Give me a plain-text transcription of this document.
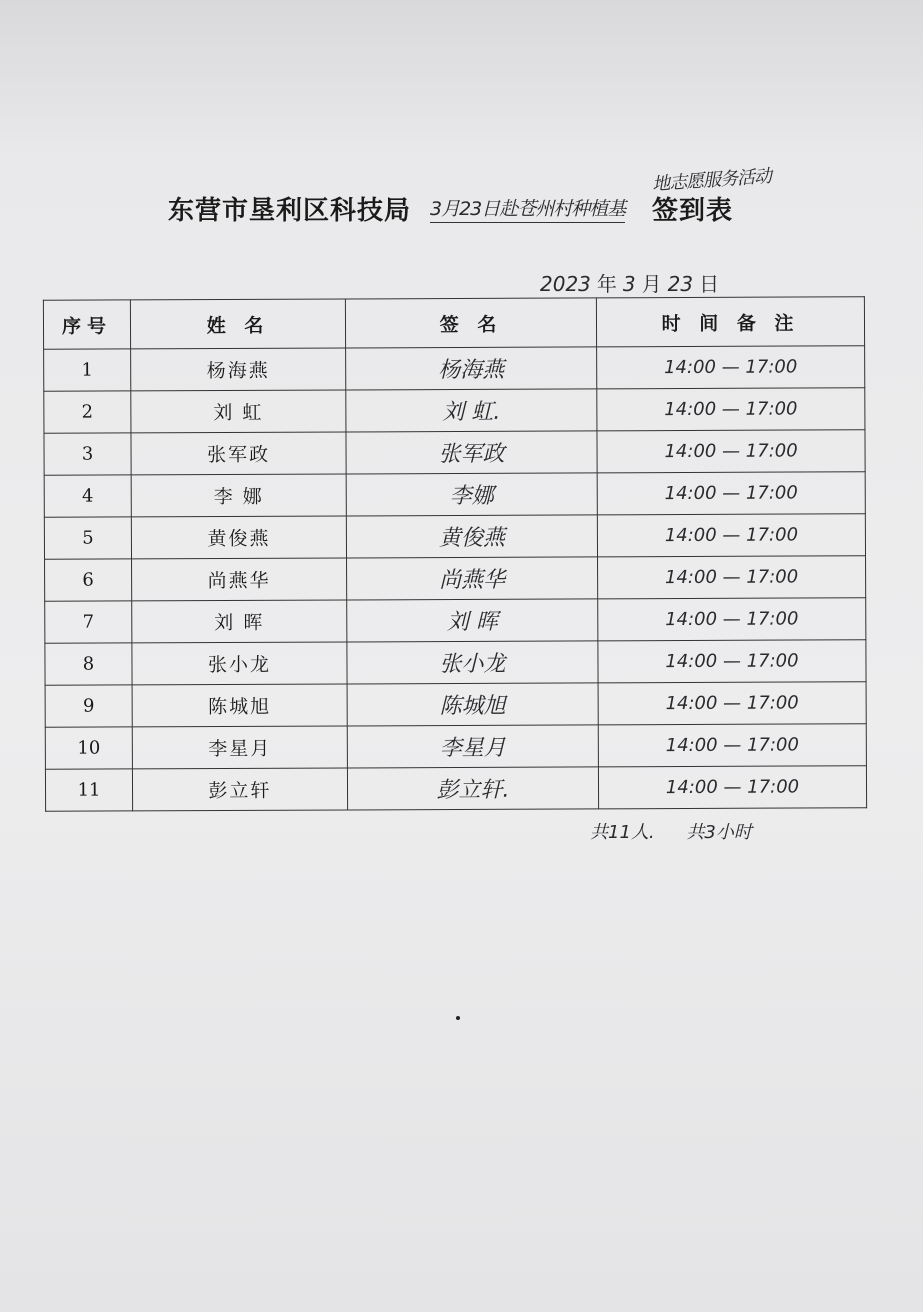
东营市垦利区科技局 3月23日赴苍州村种植基
地志愿服务活动
签到表
2023 年 3 月 23 日
序号	姓 名	签 名	时 间 备 注
1	杨海燕	杨海燕	14:00 — 17:00
2	刘 虹	刘 虹.	14:00 — 17:00
3	张军政	张军政	14:00 — 17:00
4	李 娜	李娜	14:00 — 17:00
5	黄俊燕	黄俊燕	14:00 — 17:00
6	尚燕华	尚燕华	14:00 — 17:00
7	刘 晖	刘 晖	14:00 — 17:00
8	张小龙	张小龙	14:00 — 17:00
9	陈城旭	陈城旭	14:00 — 17:00
10	李星月	李星月	14:00 — 17:00
11	彭立轩	彭立轩.	14:00 — 17:00
共11人. 共3小时
